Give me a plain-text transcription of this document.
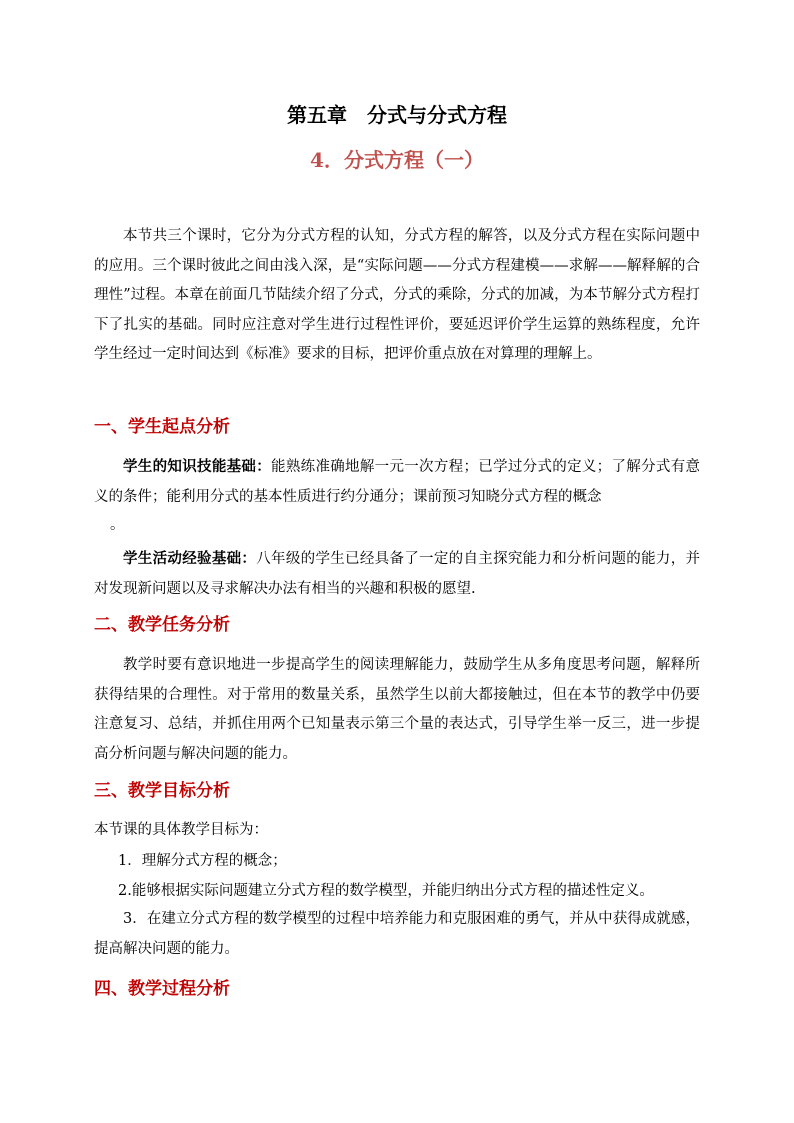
第五章　分式与分式方程
4．分式方程（一）

本节共三个课时，它分为分式方程的认知，分式方程的解答，以及分式方程在实际问题中的应用。三个课时彼此之间由浅入深，是“实际问题——分式方程建模——求解——解释解的合理性”过程。本章在前面几节陆续介绍了分式，分式的乘除，分式的加减，为本节解分式方程打下了扎实的基础。同时应注意对学生进行过程性评价，要延迟评价学生运算的熟练程度，允许学生经过一定时间达到《标准》要求的目标，把评价重点放在对算理的理解上。

一、学生起点分析

学生的知识技能基础：能熟练准确地解一元一次方程；已学过分式的定义；了解分式有意义的条件；能利用分式的基本性质进行约分通分；课前预习知晓分式方程的概念

。

学生活动经验基础：八年级的学生已经具备了一定的自主探究能力和分析问题的能力，并对发现新问题以及寻求解决办法有相当的兴趣和积极的愿望.

二、教学任务分析

教学时要有意识地进一步提高学生的阅读理解能力，鼓励学生从多角度思考问题，解释所获得结果的合理性。对于常用的数量关系，虽然学生以前大都接触过，但在本节的教学中仍要注意复习、总结，并抓住用两个已知量表示第三个量的表达式，引导学生举一反三，进一步提高分析问题与解决问题的能力。

三、教学目标分析
本节课的具体教学目标为：
1．理解分式方程的概念；
2.能够根据实际问题建立分式方程的数学模型，并能归纳出分式方程的描述性定义。

3．在建立分式方程的数学模型的过程中培养能力和克服困难的勇气，并从中获得成就感，提高解决问题的能力。

四、教学过程分析
